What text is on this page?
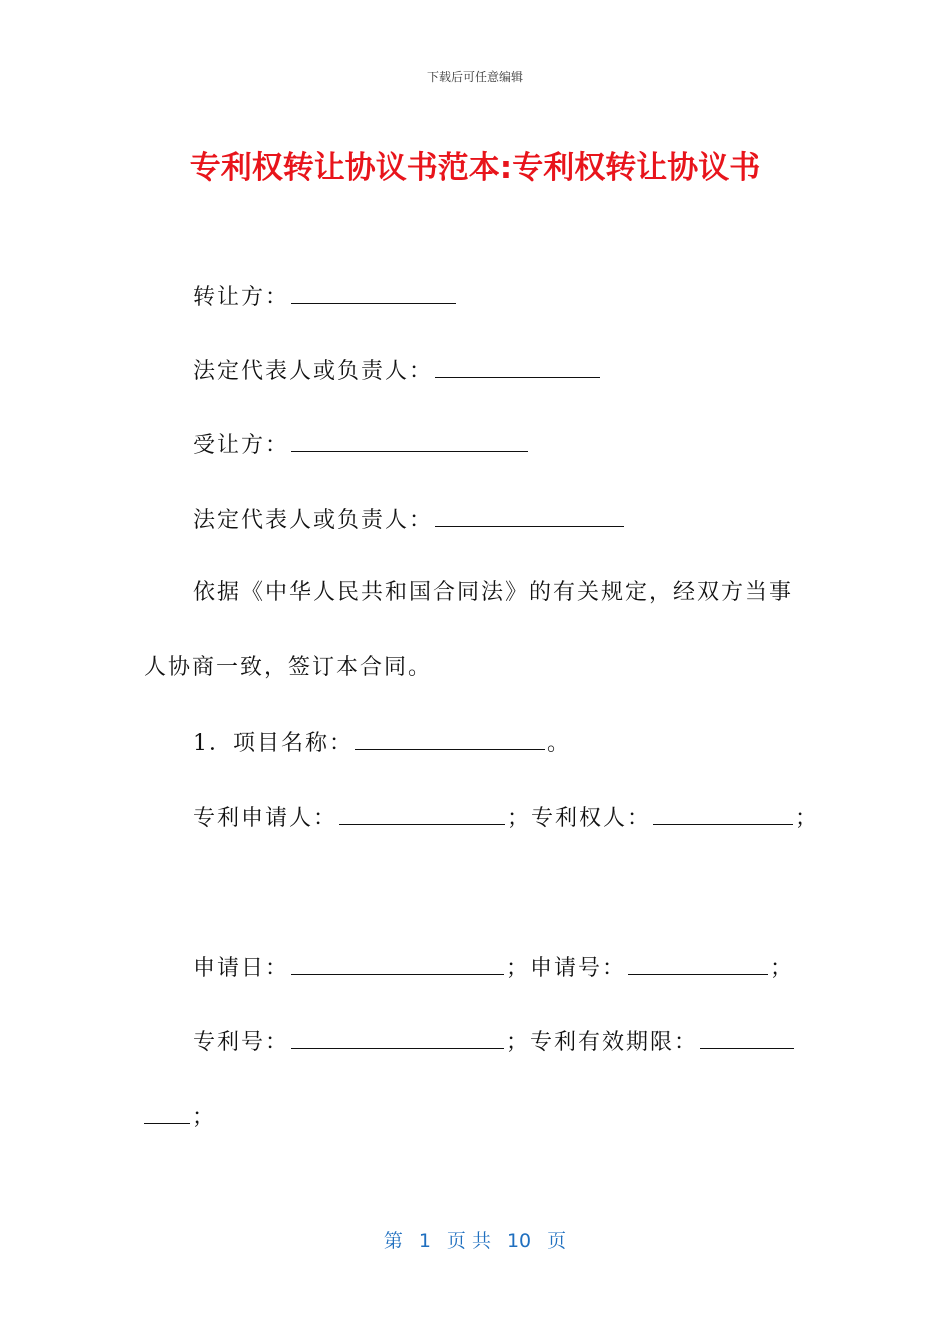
下载后可任意编辑
专利权转让协议书范本:专利权转让协议书
转让方：
法定代表人或负责人：
受让方：
法定代表人或负责人：
依据《中华人民共和国合同法》的有关规定，经双方当事
人协商一致，签订本合同。
1．项目名称：	。
专利申请人：	；专利权人：	；
申请日：	；申请号：	；
专利号：	；专利有效期限：
；
第 1 页 共 10 页
